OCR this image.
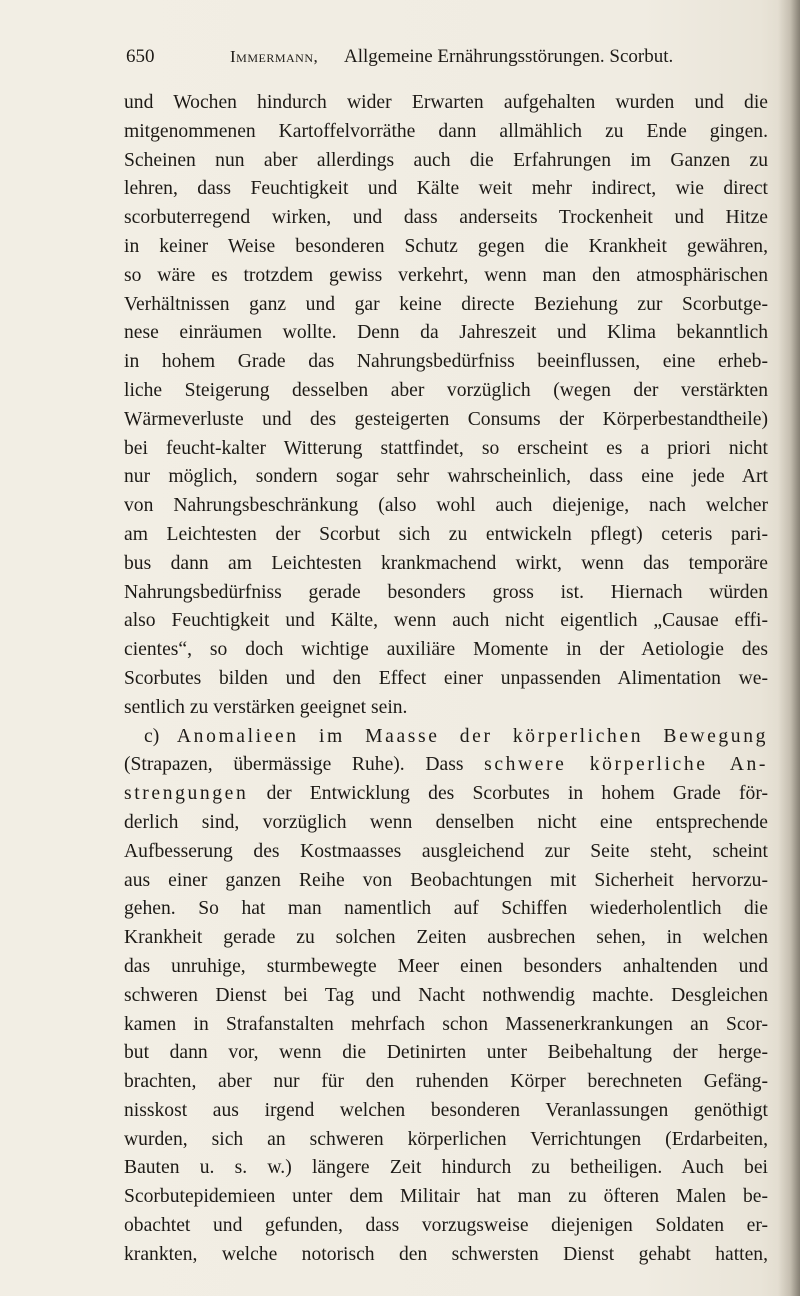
650	Immermann, Allgemeine Ernährungsstörungen. Scorbut.
und Wochen hindurch wider Erwarten aufgehalten wurden und die
mitgenommenen Kartoffelvorräthe dann allmählich zu Ende gingen.
Scheinen nun aber allerdings auch die Erfahrungen im Ganzen zu
lehren, dass Feuchtigkeit und Kälte weit mehr indirect, wie direct
scorbuterregend wirken, und dass anderseits Trockenheit und Hitze
in keiner Weise besonderen Schutz gegen die Krankheit gewähren,
so wäre es trotzdem gewiss verkehrt, wenn man den atmosphärischen
Verhältnissen ganz und gar keine directe Beziehung zur Scorbutge-
nese einräumen wollte. Denn da Jahreszeit und Klima bekanntlich
in hohem Grade das Nahrungsbedürfniss beeinflussen, eine erheb-
liche Steigerung desselben aber vorzüglich (wegen der verstärkten
Wärmeverluste und des gesteigerten Consums der Körperbestandtheile)
bei feucht-kalter Witterung stattfindet, so erscheint es a priori nicht
nur möglich, sondern sogar sehr wahrscheinlich, dass eine jede Art
von Nahrungsbeschränkung (also wohl auch diejenige, nach welcher
am Leichtesten der Scorbut sich zu entwickeln pflegt) ceteris pari-
bus dann am Leichtesten krankmachend wirkt, wenn das temporäre
Nahrungsbedürfniss gerade besonders gross ist. Hiernach würden
also Feuchtigkeit und Kälte, wenn auch nicht eigentlich „Causae effi-
cientes“, so doch wichtige auxiliäre Momente in der Aetiologie des
Scorbutes bilden und den Effect einer unpassenden Alimentation we-
sentlich zu verstärken geeignet sein.
c) Anomalieen im Maasse der körperlichen Bewegung
(Strapazen, übermässige Ruhe). Dass schwere körperliche An-
strengungen der Entwicklung des Scorbutes in hohem Grade för-
derlich sind, vorzüglich wenn denselben nicht eine entsprechende
Aufbesserung des Kostmaasses ausgleichend zur Seite steht, scheint
aus einer ganzen Reihe von Beobachtungen mit Sicherheit hervorzu-
gehen. So hat man namentlich auf Schiffen wiederholentlich die
Krankheit gerade zu solchen Zeiten ausbrechen sehen, in welchen
das unruhige, sturmbewegte Meer einen besonders anhaltenden und
schweren Dienst bei Tag und Nacht nothwendig machte. Desgleichen
kamen in Strafanstalten mehrfach schon Massenerkrankungen an Scor-
but dann vor, wenn die Detinirten unter Beibehaltung der herge-
brachten, aber nur für den ruhenden Körper berechneten Gefäng-
nisskost aus irgend welchen besonderen Veranlassungen genöthigt
wurden, sich an schweren körperlichen Verrichtungen (Erdarbeiten,
Bauten u. s. w.) längere Zeit hindurch zu betheiligen. Auch bei
Scorbutepidemieen unter dem Militair hat man zu öfteren Malen be-
obachtet und gefunden, dass vorzugsweise diejenigen Soldaten er-
krankten, welche notorisch den schwersten Dienst gehabt hatten,
